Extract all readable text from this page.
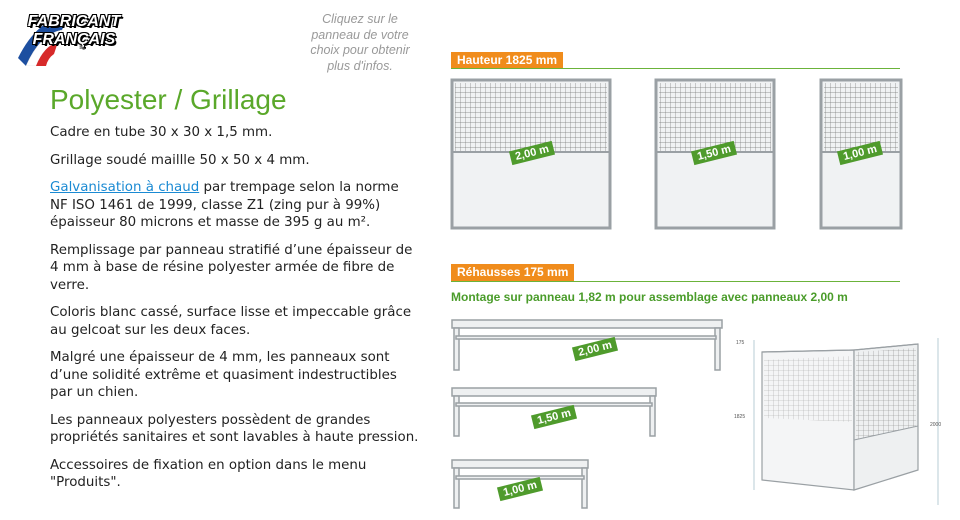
FABRICANT
FRANÇAIS
Cliquez sur le panneau de votre choix pour obtenir plus d'infos.
Polyester / Grillage

Cadre en tube 30 x 30 x 1,5 mm.

Grillage soudé maillle 50 x 50 x 4 mm.

Galvanisation à chaud par trempage selon la norme NF ISO 1461 de 1999, classe Z1 (zing pur à 99%) épaisseur 80 microns et masse de 395 g au m².

Remplissage par panneau stratifié d’une épaisseur de 4 mm à base de résine polyester armée de fibre de verre.

Coloris blanc cassé, surface lisse et impeccable grâce au gelcoat sur les deux faces.

Malgré une épaisseur de 4 mm, les panneaux sont d’une solidité extrême et quasiment indestructibles par un chien.

Les panneaux polyesters possèdent de grandes propriétés sanitaires et sont lavables à haute pression.

Accessoires de fixation en option dans le menu "Produits".

Hauteur 1825 mm
2,00 m	1,50 m	1,00 m
Réhausses 175 mm
Montage sur panneau 1,82 m pour assemblage avec panneaux 2,00 m
2,00 m
1,50 m
1,00 m
175
1825
2000
